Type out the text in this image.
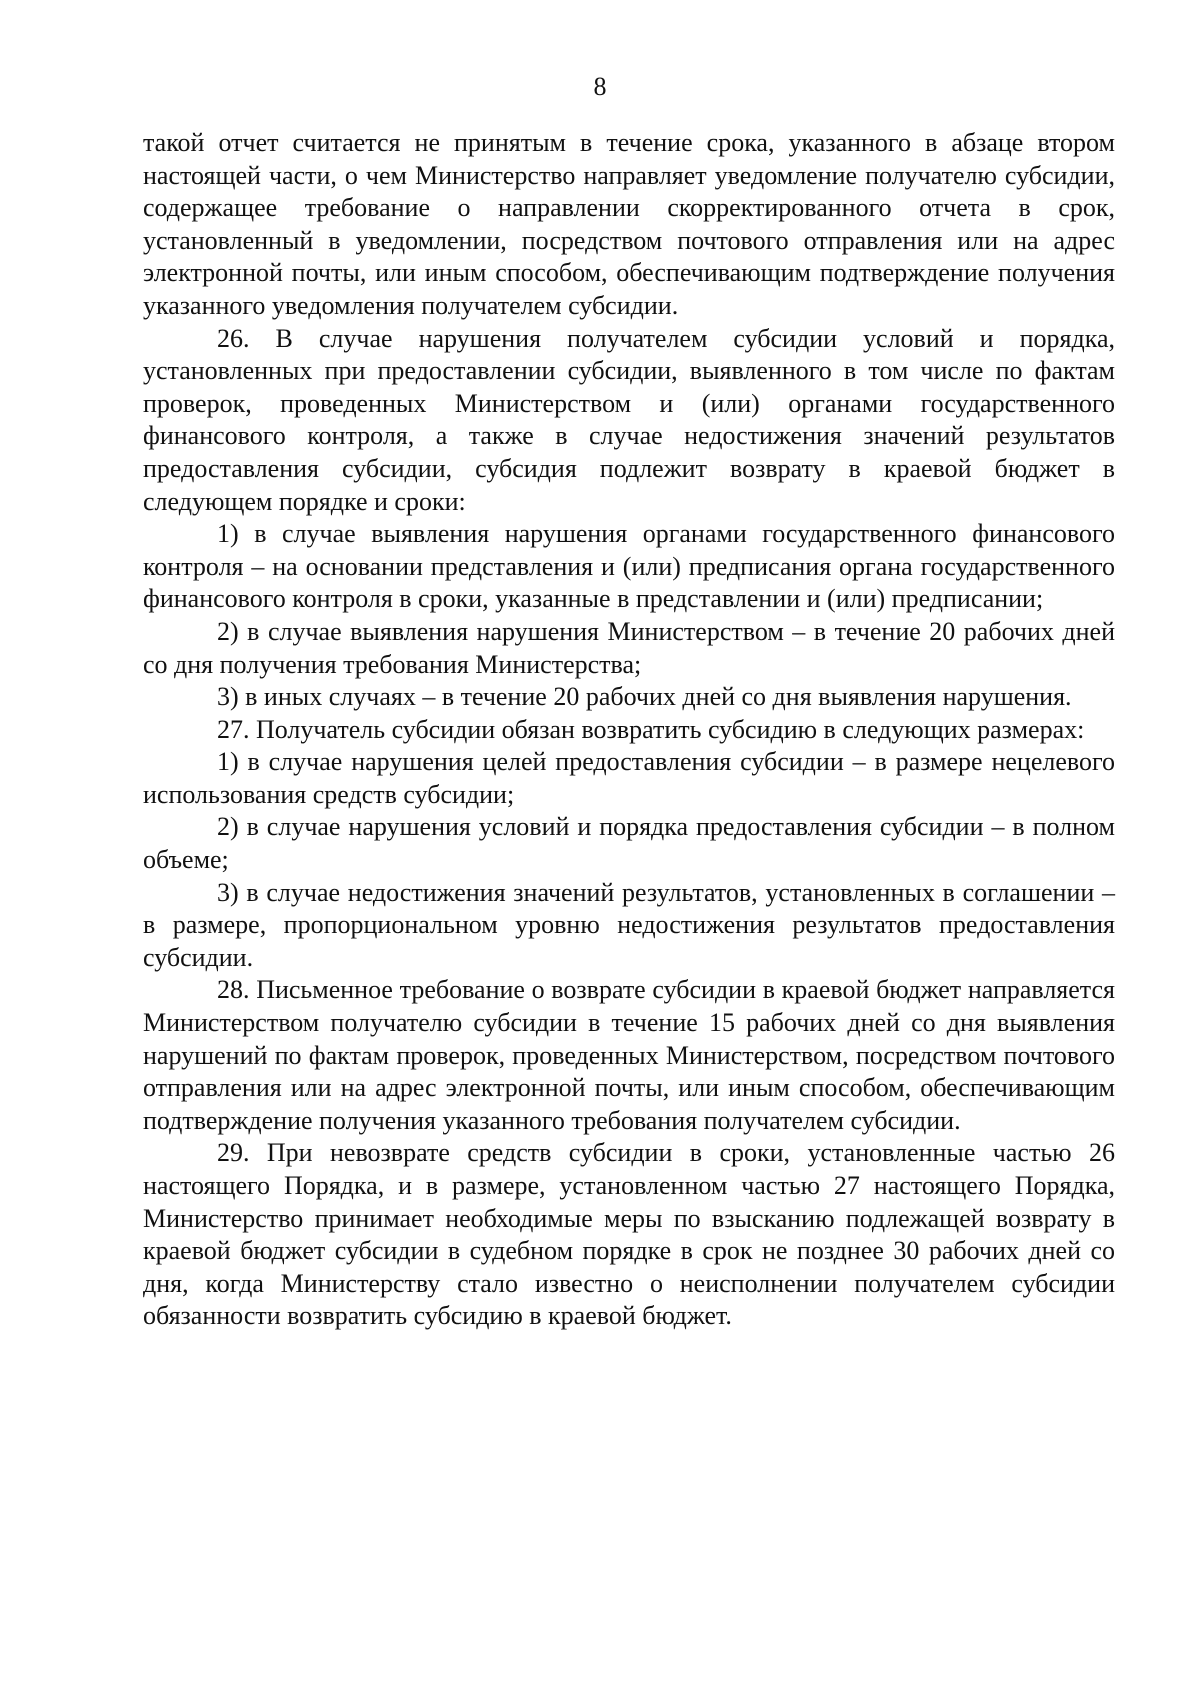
8

такой отчет считается не принятым в течение срока, указанного в абзаце втором настоящей части, о чем Министерство направляет уведомление получателю субсидии, содержащее требование о направлении скорректированного отчета в срок, установленный в уведомлении, посредством почтового отправления или на адрес электронной почты, или иным способом, обеспечивающим подтверждение получения указанного уведомления получателем субсидии.

26. В случае нарушения получателем субсидии условий и порядка, установленных при предоставлении субсидии, выявленного в том числе по фактам проверок, проведенных Министерством и (или) органами государственного финансового контроля, а также в случае недостижения значений результатов предоставления субсидии, субсидия подлежит возврату в краевой бюджет в следующем порядке и сроки:

1) в случае выявления нарушения органами государственного финансового контроля – на основании представления и (или) предписания органа государственного финансового контроля в сроки, указанные в представлении и (или) предписании;

2) в случае выявления нарушения Министерством – в течение 20 рабочих дней со дня получения требования Министерства;

3) в иных случаях – в течение 20 рабочих дней со дня выявления нарушения.

27. Получатель субсидии обязан возвратить субсидию в следующих размерах:

1) в случае нарушения целей предоставления субсидии – в размере нецелевого использования средств субсидии;

2) в случае нарушения условий и порядка предоставления субсидии – в полном объеме;

3) в случае недостижения значений результатов, установленных в соглашении – в размере, пропорциональном уровню недостижения результатов предоставления субсидии.

28. Письменное требование о возврате субсидии в краевой бюджет направляется Министерством получателю субсидии в течение 15 рабочих дней со дня выявления нарушений по фактам проверок, проведенных Министерством, посредством почтового отправления или на адрес электронной почты, или иным способом, обеспечивающим подтверждение получения указанного требования получателем субсидии.

29. При невозврате средств субсидии в сроки, установленные частью 26 настоящего Порядка, и в размере, установленном частью 27 настоящего Порядка, Министерство принимает необходимые меры по взысканию подлежащей возврату в краевой бюджет субсидии в судебном порядке в срок не позднее 30 рабочих дней со дня, когда Министерству стало известно о неисполнении получателем субсидии обязанности возвратить субсидию в краевой бюджет.
